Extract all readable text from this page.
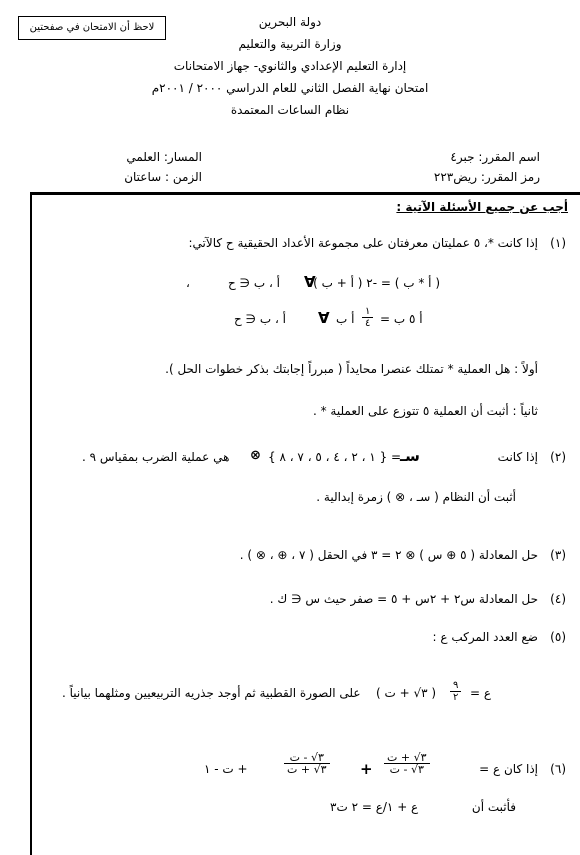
لاحظ أن الامتحان في صفحتين	دولة البحرين
وزارة التربية والتعليم
إدارة التعليم الإعدادي والثانوي- جهاز الامتحانات
امتحان نهاية الفصل الثاني للعام الدراسي ٢٠٠٠ / ٢٠٠١م
نظام الساعات المعتمدة
اسم المقرر: جبر٤
المسار: العلمي
رمز المقرر: ريض٢٢٣
الزمن : ساعتان
أجب عن جميع الأسئلة الآتية :
(١)
إذا كانت *، ٥ عمليتان معرفتان على مجموعة الأعداد الحقيقية ح كالآتي:
( أ * ب ) = -٢ ( أ + ب )
∀
أ ، ب ∈ ح
،
أ ٥ ب =
١
٤
أ ب
∀
أ ، ب ∈ ح
أولاً : هل العملية * تمتلك عنصرا محايداً ( مبرراً إجابتك بذكر خطوات الحل ).
ثانياً : أثبت أن العملية ٥ تتوزع على العملية * .
(٢)
إذا كانت
سـ
= { ١ ، ٢ ، ٤ ، ٥ ، ٧ ، ٨ }
⊗
هي عملية الضرب بمقياس ٩ .
أثبت أن النظام ( سـ ، ⊗ ) زمرة إبدالية .
(٣)
حل المعادلة ( ٥ ⊕ س ) ⊗ ٢ = ٣ في الحقل ( ٧ ، ⊕ ، ⊗ ) .
(٤)
حل المعادلة س٢ + ٢س + ٥ = صفر حيث س ∈ ك .
(٥)
ضع العدد المركب ع :
ع =
٩
٢
( ٣√ + ت )
على الصورة القطبية ثم أوجد جذريه التربيعيين ومثلهما بيانياً .
(٦)
إذا كان ع =
٣√ + ت
٣√ - ت
+
٣√ - ت
٣√ + ت
+ ت - ١
فأثبت أن
ع + ١/ع = ٢ ت٣
